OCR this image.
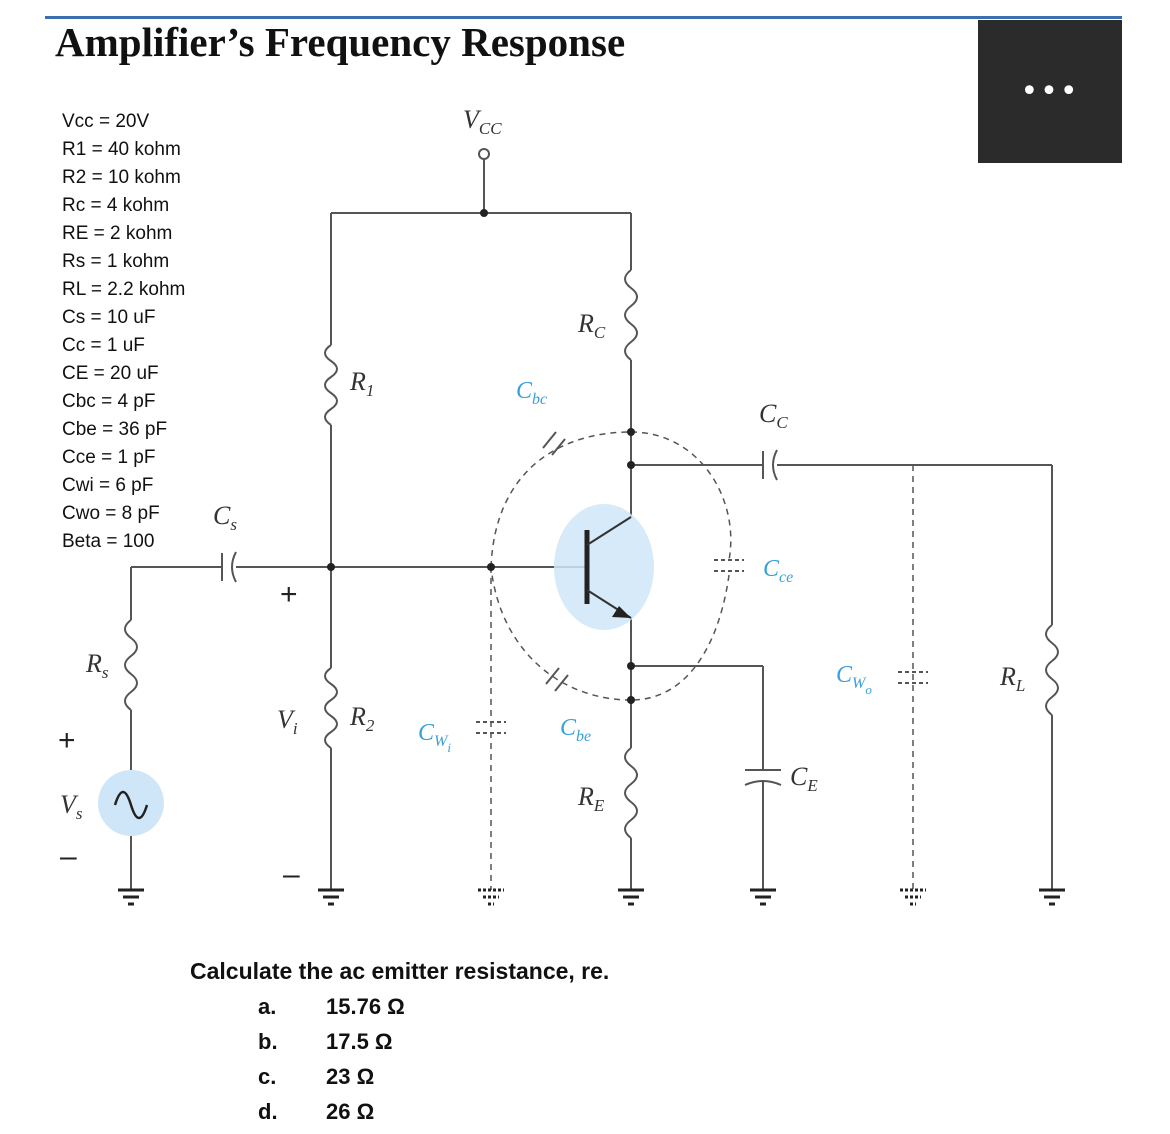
Amplifier’s Frequency Response
•••
Vcc = 20V
R1 = 40 kohm
R2 = 10 kohm
Rc = 4 kohm
RE = 2 kohm
Rs = 1 kohm
RL = 2.2 kohm
Cs = 10 uF
Cc = 1 uF
CE = 20 uF
Cbc = 4 pF
Cbe = 36 pF
Cce = 1 pF
Cwi = 6 pF
Cwo = 8 pF
Beta = 100
$V_{CC}$
$R_1$
$R_2$
$R_C$
$R_E$
$R_s$	$R_L$
$C_s$
$C_C$
$C_E$
$V_s$
$V_i$
+
–
+
–
$C_{bc}$
$C_{be}$
$C_{ce}$
$C_{Wi}$
$C_{Wo}$
Calculate the ac emitter resistance, re.
a. 15.76 Ω
b. 17.5 Ω
c. 23 Ω
d. 26 Ω
